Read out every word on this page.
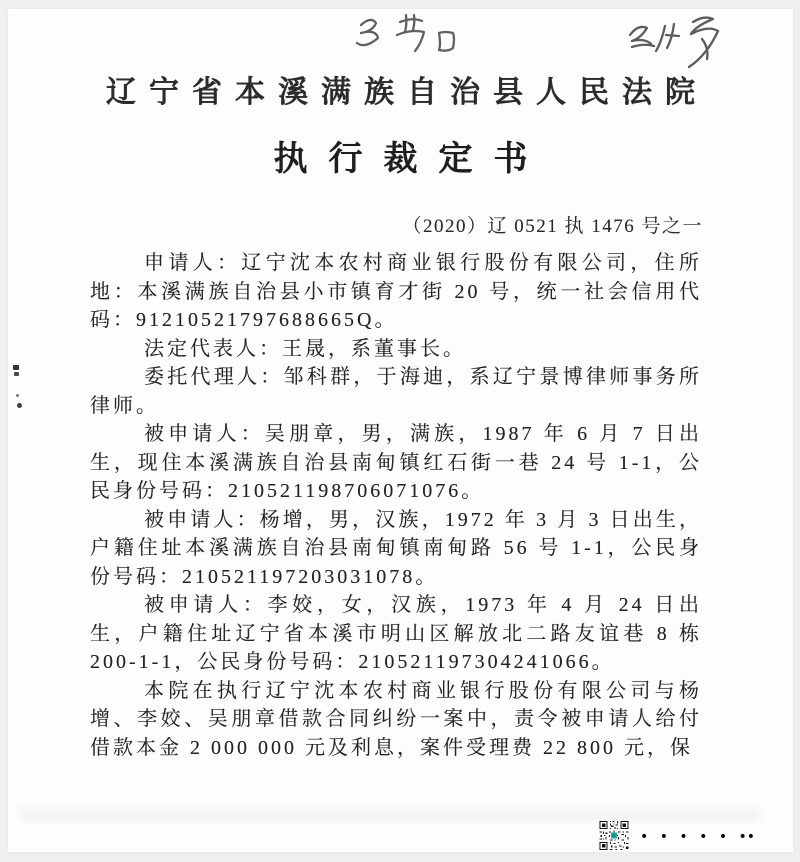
辽宁省本溪满族自治县人民法院
执行裁定书
（2020）辽 0521 执 1476 号之一

申请人：辽宁沈本农村商业银行股份有限公司，住所地：本溪满族自治县小市镇育才街 20 号，统一社会信用代码：91210521797688665Q。

法定代表人：王晟，系董事长。

委托代理人：邹科群，于海迪，系辽宁景博律师事务所律师。

被申请人：吴朋章，男，满族，1987 年 6 月 7 日出生，现住本溪满族自治县南甸镇红石街一巷 24 号 1-1，公民身份号码：210521198706071076。

被申请人：杨增，男，汉族，1972 年 3 月 3 日出生，户籍住址本溪满族自治县南甸镇南甸路 56 号 1-1，公民身份号码：210521197203031078。

被申请人：李姣，女，汉族，1973 年 4 月 24 日出生，户籍住址辽宁省本溪市明山区解放北二路友谊巷 8 栋 200-1-1，公民身份号码：210521197304241066。

本院在执行辽宁沈本农村商业银行股份有限公司与杨增、李姣、吴朋章借款合同纠纷一案中，责令被申请人给付借款本金 2 000 000 元及利息，案件受理费 22 800 元，保

• • • • • ••
